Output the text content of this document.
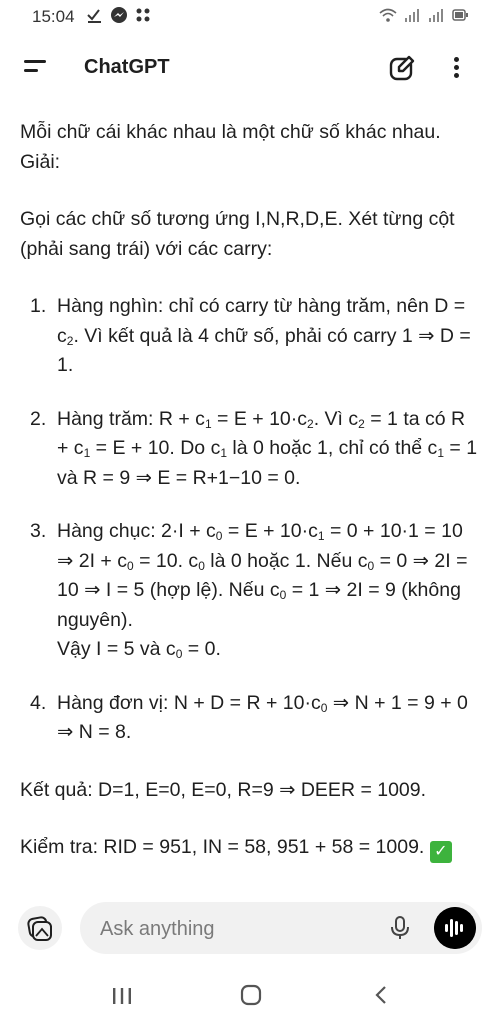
15:04
ChatGPT

Mỗi chữ cái khác nhau là một chữ số khác nhau. Giải:

Gọi các chữ số tương ứng I,N,R,D,E. Xét từng cột (phải sang trái) với các carry:

1. Hàng nghìn: chỉ có carry từ hàng trăm, nên $D = c_2$. Vì kết quả là 4 chữ số, phải có carry 1 ⇒ D = 1.
2. Hàng trăm: $R + c_1 = E + 10\cdot c_2$. Vì $c_2 = 1$ ta có $R + c_1 = E + 10$. Do $c_1$ là 0 hoặc 1, chỉ có thể $c_1 = 1$ và R = 9 ⇒ E = R+1−10 = 0.
3. Hàng chục: $2\cdot I + c_0 = E + 10\cdot c_1 = 0 + 10\cdot 1 = 10$ ⇒ $2I + c_0 = 10$. $c_0$ là 0 hoặc 1. Nếu $c_0 = 0$ ⇒ 2I = 10 ⇒ I = 5 (hợp lệ). Nếu $c_0 = 1$ ⇒ 2I = 9 (không nguyên).
Vậy I = 5 và $c_0 = 0$.
4. Hàng đơn vị: $N + D = R + 10\cdot c_0$ ⇒ N + 1 = 9 + 0 ⇒ N = 8.

Kết quả: D=1, E=0, E=0, R=9 ⇒ DEER = 1009.

Kiểm tra: RID = 951, IN = 58, 951 + 58 = 1009. ✓

Ask anything
